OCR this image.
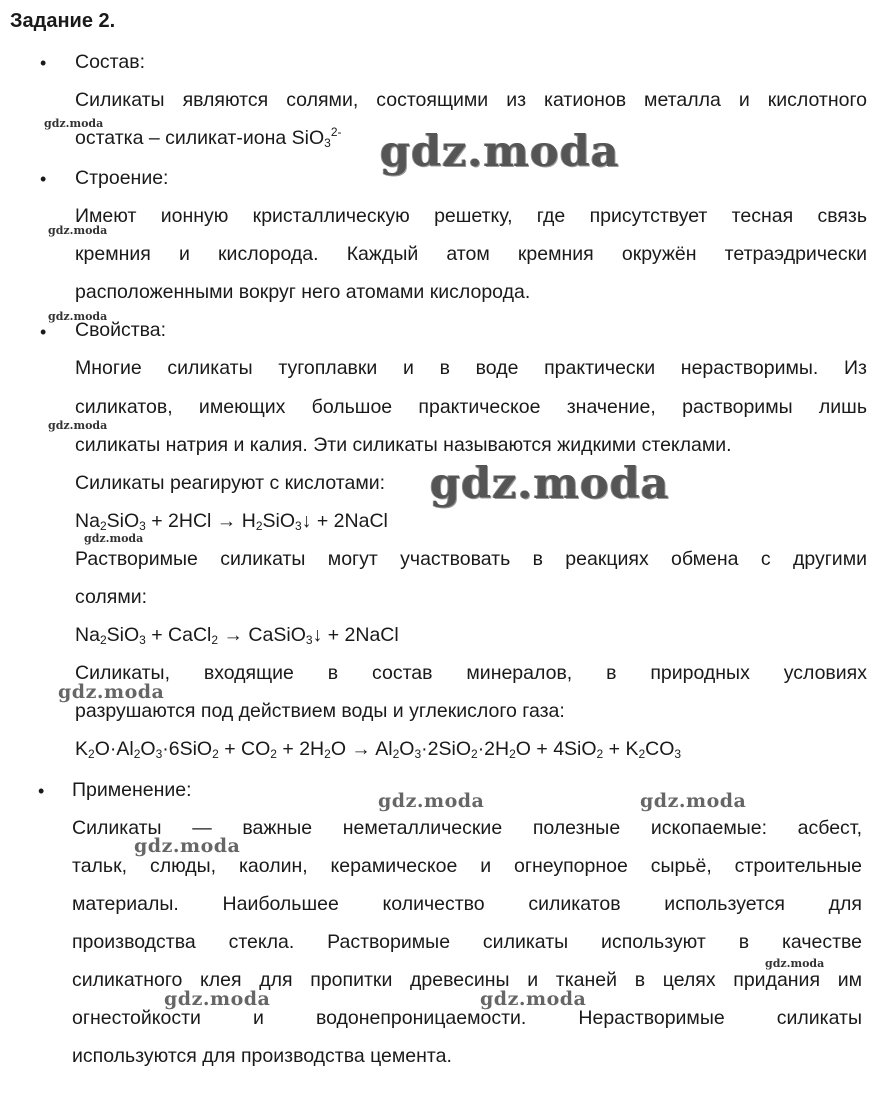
Задание 2.
• Состав:
Силикаты являются солями, состоящими из катионов металла и кислотного
остатка – силикат-иона SiO$_3^{2-}$
• Строение:
Имеют ионную кристаллическую решетку, где присутствует тесная связь
кремния и кислорода. Каждый атом кремния окружён тетраэдрически
расположенными вокруг него атомами кислорода.
• Свойства:
Многие силикаты тугоплавки и в воде практически нерастворимы. Из
силикатов, имеющих большое практическое значение, растворимы лишь
силикаты натрия и калия. Эти силикаты называются жидкими стеклами.
Силикаты реагируют с кислотами:
$Na_2SiO_3 + 2HCl$ → $H_2SiO_3↓$ + 2NaCl
Растворимые силикаты могут участвовать в реакциях обмена с другими
солями:
$Na_2SiO_3$ + CaCl$_2$ → CaSiO$_3$↓ + 2NaCl
Силикаты, входящие в состав минералов, в природных условиях
разрушаются под действием воды и углекислого газа:
$K_2O\cdot Al_2O_3\cdot 6SiO_2 + CO_2 + 2H_2O \to Al_2O_3\cdot 2SiO_2\cdot 2H_2O + 4SiO_2 + K_2CO_3$
• Применение:
Силикаты — важные неметаллические полезные ископаемые: асбест,
тальк, слюды, каолин, керамическое и огнеупорное сырьё, строительные
материалы. Наибольшее количество силикатов используется для
производства стекла. Растворимые силикаты используют в качестве
силикатного клея для пропитки древесины и тканей в целях придания им
огнестойкости и водонепроницаемости. Нерастворимые силикаты
используются для производства цемента.
gdz.moda
gdz.moda
gdz.moda
gdz.moda
gdz.moda
gdz.moda
gdz.moda
gdz.moda	gdz.moda
gdz.moda
gdz.moda	gdz.moda
gdz.moda
gdz.moda
